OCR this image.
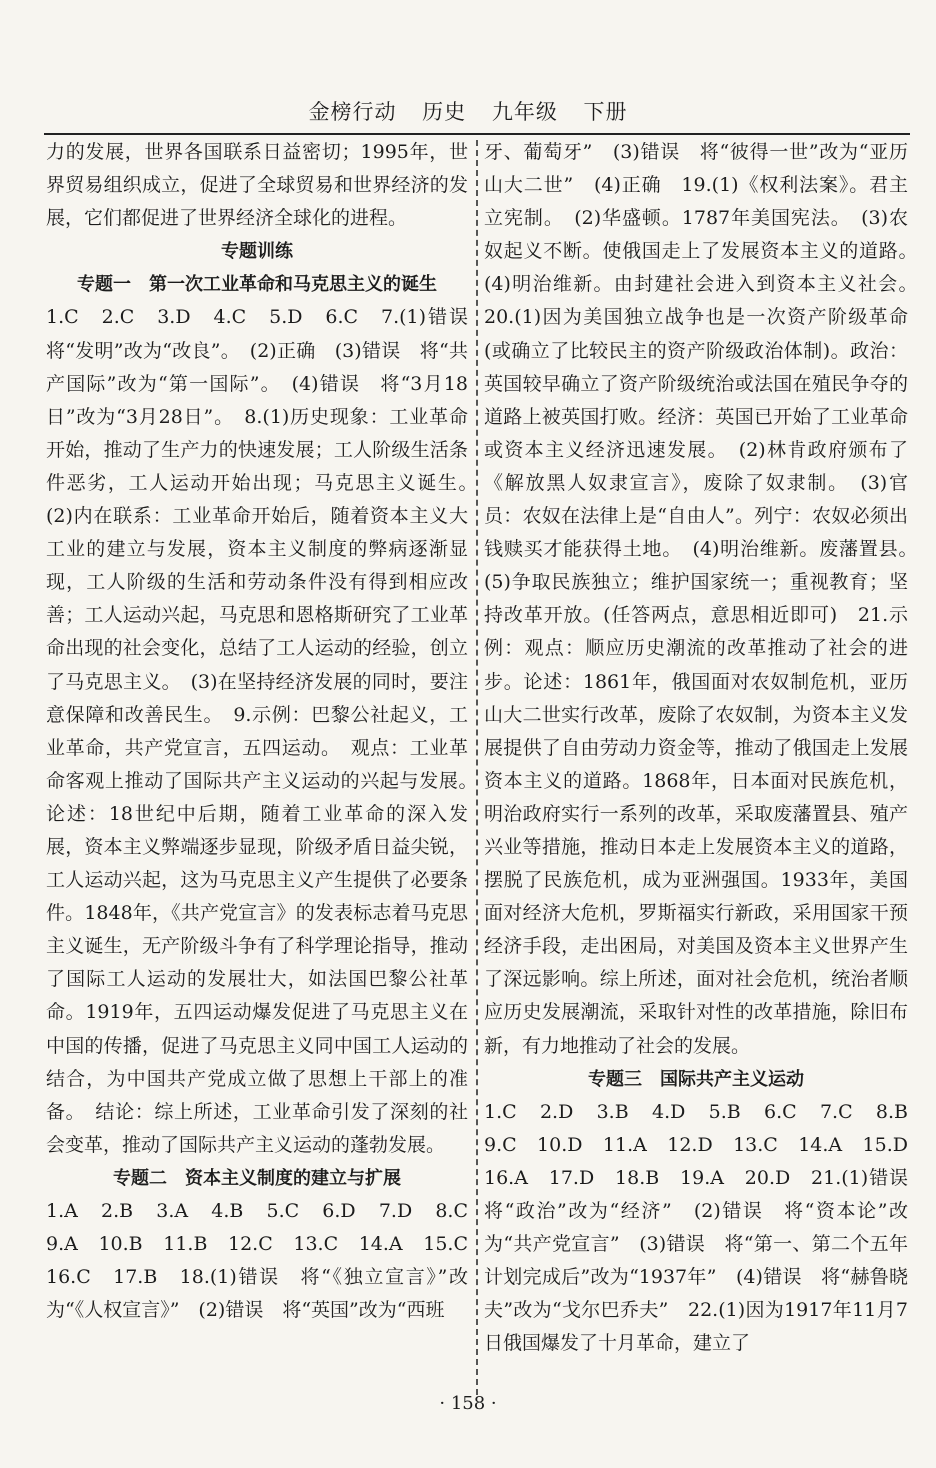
金榜行动 历史 九年级 下册

力的发展，世界各国联系日益密切；1995年，世界贸易组织成立，促进了全球贸易和世界经济的发展，它们都促进了世界经济全球化的进程。

专题训练

专题一　第一次工业革命和马克思主义的诞生

1.C　2.C　3.D　4.C　5.D　6.C　7.(1)错误　将“发明”改为“改良”。　(2)正确　(3)错误　将“共产国际”改为“第一国际”。　(4)错误　将“3月18日”改为“3月28日”。　8.(1)历史现象：工业革命开始，推动了生产力的快速发展；工人阶级生活条件恶劣，工人运动开始出现；马克思主义诞生。　(2)内在联系：工业革命开始后，随着资本主义大工业的建立与发展，资本主义制度的弊病逐渐显现，工人阶级的生活和劳动条件没有得到相应改善；工人运动兴起，马克思和恩格斯研究了工业革命出现的社会变化，总结了工人运动的经验，创立了马克思主义。　(3)在坚持经济发展的同时，要注意保障和改善民生。　9.示例：巴黎公社起义，工业革命，共产党宣言，五四运动。　观点：工业革命客观上推动了国际共产主义运动的兴起与发展。　论述：18世纪中后期，随着工业革命的深入发展，资本主义弊端逐步显现，阶级矛盾日益尖锐，工人运动兴起，这为马克思主义产生提供了必要条件。1848年，《共产党宣言》的发表标志着马克思主义诞生，无产阶级斗争有了科学理论指导，推动了国际工人运动的发展壮大，如法国巴黎公社革命。1919年，五四运动爆发促进了马克思主义在中国的传播，促进了马克思主义同中国工人运动的结合，为中国共产党成立做了思想上干部上的准备。　结论：综上所述，工业革命引发了深刻的社会变革，推动了国际共产主义运动的蓬勃发展。

专题二　资本主义制度的建立与扩展

1.A　2.B　3.A　4.B　5.C　6.D　7.D　8.C　9.A　10.B　11.B　12.C　13.C　14.A　15.C　16.C　17.B　18.(1)错误　将“《独立宣言》”改为“《人权宣言》”　(2)错误　将“英国”改为“西班

牙、葡萄牙”　(3)错误　将“彼得一世”改为“亚历山大二世”　(4)正确　19.(1)《权利法案》。君主立宪制。　(2)华盛顿。1787年美国宪法。　(3)农奴起义不断。使俄国走上了发展资本主义的道路。　(4)明治维新。由封建社会进入到资本主义社会。　20.(1)因为美国独立战争也是一次资产阶级革命(或确立了比较民主的资产阶级政治体制)。政治：英国较早确立了资产阶级统治或法国在殖民争夺的道路上被英国打败。经济：英国已开始了工业革命或资本主义经济迅速发展。　(2)林肯政府颁布了《解放黑人奴隶宣言》，废除了奴隶制。　(3)官员：农奴在法律上是“自由人”。列宁：农奴必须出钱赎买才能获得土地。　(4)明治维新。废藩置县。　(5)争取民族独立；维护国家统一；重视教育；坚持改革开放。(任答两点，意思相近即可)　21.示例：观点：顺应历史潮流的改革推动了社会的进步。论述：1861年，俄国面对农奴制危机，亚历山大二世实行改革，废除了农奴制，为资本主义发展提供了自由劳动力资金等，推动了俄国走上发展资本主义的道路。1868年，日本面对民族危机，明治政府实行一系列的改革，采取废藩置县、殖产兴业等措施，推动日本走上发展资本主义的道路，摆脱了民族危机，成为亚洲强国。1933年，美国面对经济大危机，罗斯福实行新政，采用国家干预经济手段，走出困局，对美国及资本主义世界产生了深远影响。综上所述，面对社会危机，统治者顺应历史发展潮流，采取针对性的改革措施，除旧布新，有力地推动了社会的发展。

专题三　国际共产主义运动

1.C　2.D　3.B　4.D　5.B　6.C　7.C　8.B　9.C　10.D　11.A　12.D　13.C　14.A　15.D　16.A　17.D　18.B　19.A　20.D　21.(1)错误　将“政治”改为“经济”　(2)错误　将“资本论”改为“共产党宣言”　(3)错误　将“第一、第二个五年计划完成后”改为“1937年”　(4)错误　将“赫鲁晓夫”改为“戈尔巴乔夫”　22.(1)因为1917年11月7日俄国爆发了十月革命，建立了

· 158 ·
